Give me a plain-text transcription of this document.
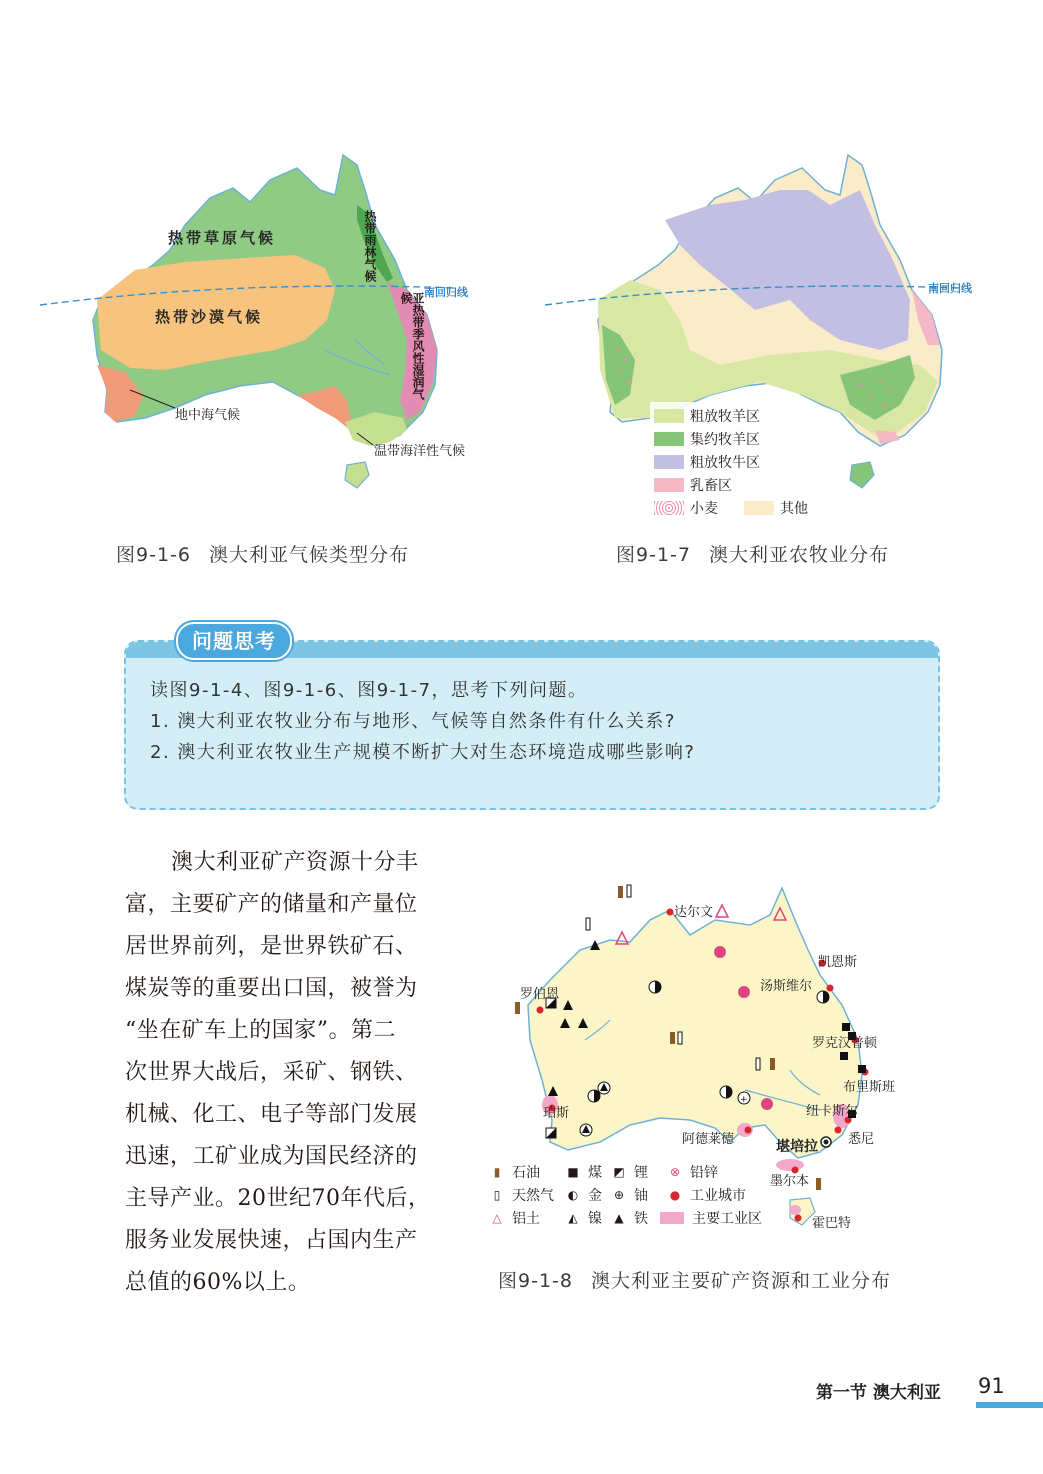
热带草原气候
热带沙漠气候
地中海气候
温带海洋性气候
热带雨林气候
亚热带季风性湿润气候	南回归线
图9-1-6 澳大利亚气候类型分布
南回归线
粗放牧羊区
集约牧羊区
粗放牧牛区
乳畜区
小麦	其他
图9-1-7 澳大利亚农牧业分布
问题思考
读图9-1-4、图9-1-6、图9-1-7，思考下列问题。
1. 澳大利亚农牧业分布与地形、气候等自然条件有什么关系?
2. 澳大利亚农牧业生产规模不断扩大对生态环境造成哪些影响?
澳大利亚矿产资源十分丰
富，主要矿产的储量和产量位
居世界前列，是世界铁矿石、
煤炭等的重要出口国，被誉为
“坐在矿车上的国家”。第二
次世界大战后，采矿、钢铁、
机械、化工、电子等部门发展
迅速，工矿业成为国民经济的
主导产业。20世纪70年代后，
服务业发展快速，占国内生产
总值的60%以上。
+
达尔文
凯恩斯
汤斯维尔
罗伯恩
罗克汉普顿
布里斯班
纽卡斯尔
珀斯
阿德莱德	堪培拉 悉尼
墨尔本
霍巴特
▮ 石油 ■ 煤 ◩ 锂 ⊗ 铅锌
▯ 天然气 ◐ 金 ⊕ 铀 ● 工业城市
△ 铝土 ◭ 镍 ▲ 铁	主要工业区
图9-1-8 澳大利亚主要矿产资源和工业分布
第一节 澳大利亚 91
